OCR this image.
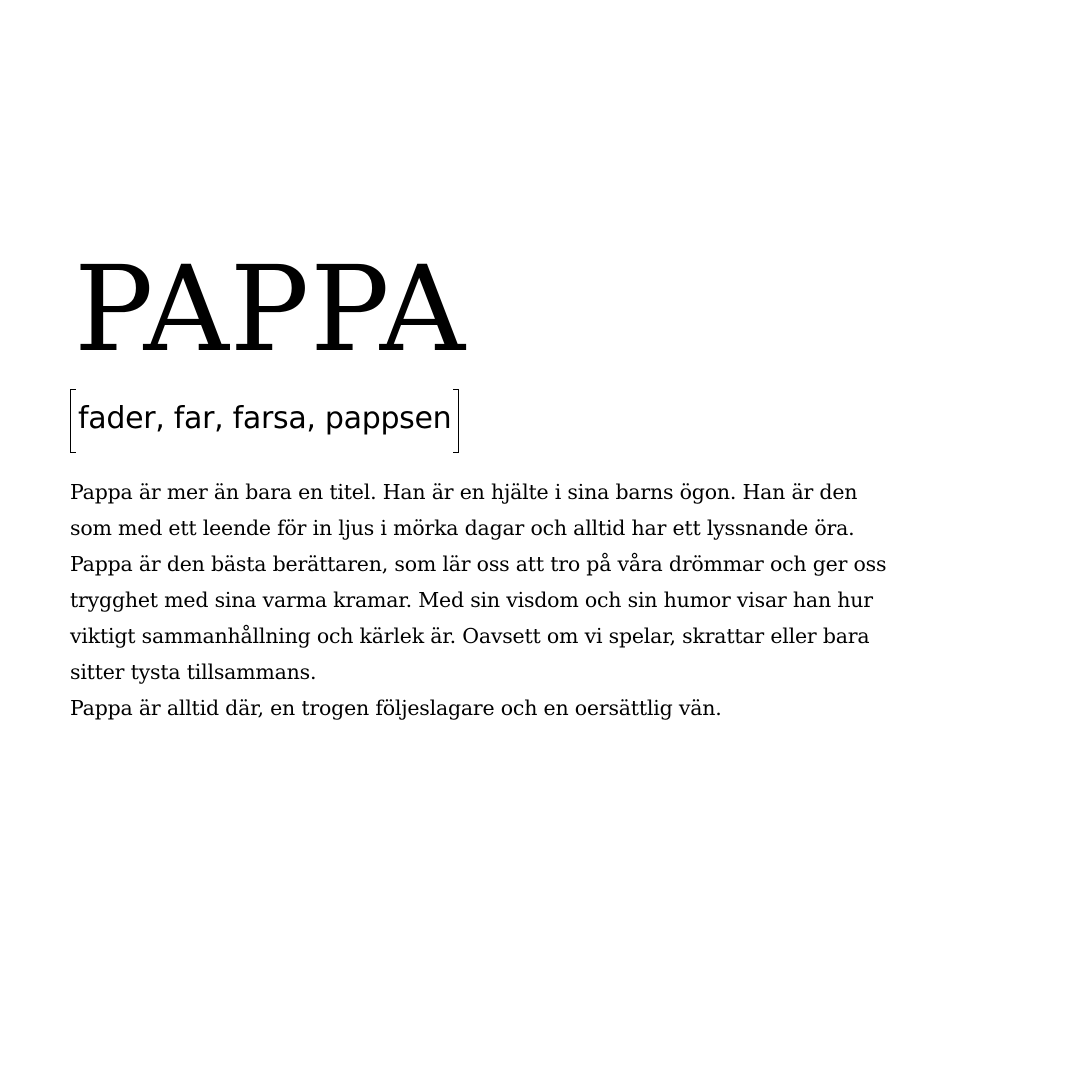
PAPPA
fader, far, farsa, pappsen

Pappa är mer än bara en titel. Han är en hjälte i sina barns ögon. Han är den
som med ett leende för in ljus i mörka dagar och alltid har ett lyssnande öra.
Pappa är den bästa berättaren, som lär oss att tro på våra drömmar och ger oss
trygghet med sina varma kramar. Med sin visdom och sin humor visar han hur
viktigt sammanhållning och kärlek är. Oavsett om vi spelar, skrattar eller bara
sitter tysta tillsammans.
Pappa är alltid där, en trogen följeslagare och en oersättlig vän.
